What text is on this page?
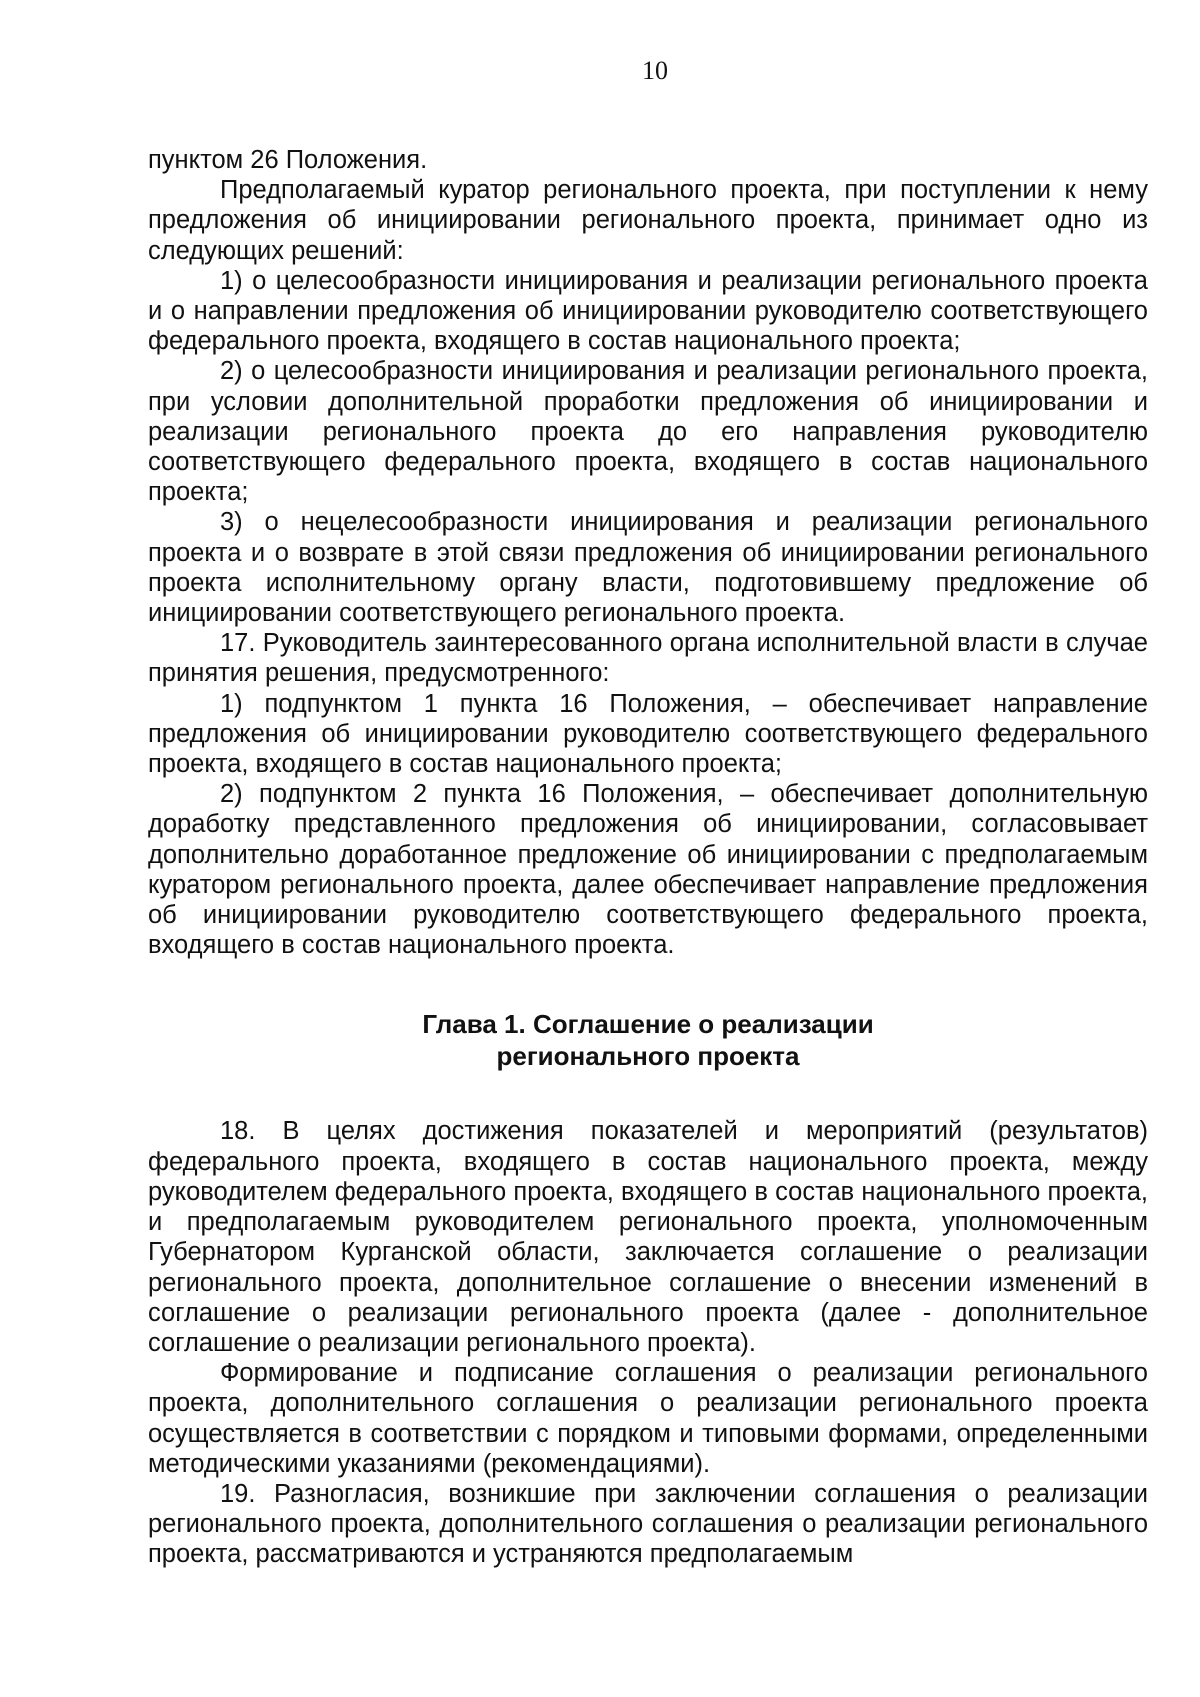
10

пунктом 26 Положения.

Предполагаемый куратор регионального проекта, при поступлении к нему предложения об инициировании регионального проекта, принимает одно из следующих решений:

1) о целесообразности инициирования и реализации регионального проекта и о направлении предложения об инициировании руководителю соответствующего федерального проекта, входящего в состав национального проекта;

2) о целесообразности инициирования и реализации регионального проекта, при условии дополнительной проработки предложения об инициировании и реализации регионального проекта до его направления руководителю соответствующего федерального проекта, входящего в состав национального проекта;

3) о нецелесообразности инициирования и реализации регионального проекта и о возврате в этой связи предложения об инициировании регионального проекта исполнительному органу власти, подготовившему предложение об инициировании соответствующего регионального проекта.

17. Руководитель заинтересованного органа исполнительной власти в случае принятия решения, предусмотренного:

1) подпунктом 1 пункта 16 Положения, – обеспечивает направление предложения об инициировании руководителю соответствующего федерального проекта, входящего в состав национального проекта;

2) подпунктом 2 пункта 16 Положения, – обеспечивает дополнительную доработку представленного предложения об инициировании, согласовывает дополнительно доработанное предложение об инициировании с предполагаемым куратором регионального проекта, далее обеспечивает направление предложения об инициировании руководителю соответствующего федерального проекта, входящего в состав национального проекта.

Глава 1. Соглашение о реализации
регионального проекта

18. В целях достижения показателей и мероприятий (результатов) федерального проекта, входящего в состав национального проекта, между руководителем федерального проекта, входящего в состав национального проекта, и предполагаемым руководителем регионального проекта, уполномоченным Губернатором Курганской области, заключается соглашение о реализации регионального проекта, дополнительное соглашение о внесении изменений в соглашение о реализации регионального проекта (далее - дополнительное соглашение о реализации регионального проекта).

Формирование и подписание соглашения о реализации регионального проекта, дополнительного соглашения о реализации регионального проекта осуществляется в соответствии с порядком и типовыми формами, определенными методическими указаниями (рекомендациями).

19. Разногласия, возникшие при заключении соглашения о реализации регионального проекта, дополнительного соглашения о реализации регионального проекта, рассматриваются и устраняются предполагаемым
